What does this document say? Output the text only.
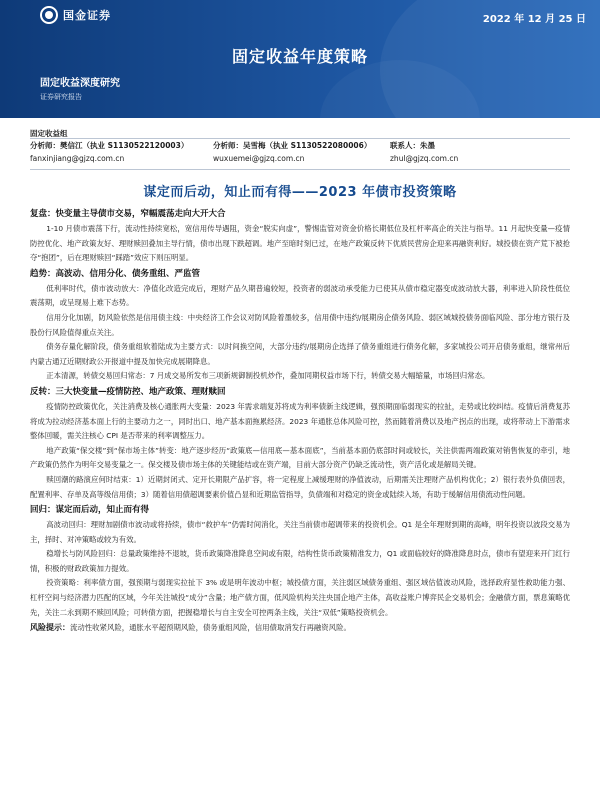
国金证券	2022 年 12 月 25 日
固定收益年度策略
固定收益深度研究
证券研究报告
固定收益组
分析师：樊信江（执业 S1130522120003）	分析师：吴雪梅（执业 S1130522080006） 联系人：朱墨
fanxinjiang@gjzq.com.cn	wuxuemei@gjzq.com.cn	zhul@gjzq.com.cn
谋定而后动，知止而有得——2023 年债市投资策略
复盘：快变量主导债市交易，窄幅震荡走向大开大合

1-10 月债市震荡下行，流动性持续宽松，宽信用传导遇阻，资金“脱实向虚”，警惕监管对资金价格长期低位及杠杆率高企的关注与指导。11 月起快变量—疫情防控优化、地产政策友好、理财赎回叠加主导行情，债市出现下跌超调。地产至暗时刻已过，在地产政策反转下优质民营房企迎来再融资利好。城投债在资产荒下被抢夺“抱团”，后在理财赎回“踩踏”效应下则压明显。

趋势：高波动、信用分化、债务重组、严监管

低利率时代，债市波动放大：净值化改造完成后，理财产品久期普遍较短，投资者的弱波动承受能力已使其从债市稳定器变成波动放大器，利率进入阶段性低位震荡期，或呈现易上难下态势。

信用分化加剧，防风险依然是信用债主线：中央经济工作会议对防风险着墨较多，信用债中违约/展期房企债务风险、弱区域城投债务面临风险、部分地方银行及股份行风险值得重点关注。

债务存量化解阶段，债务重组软着陆成为主要方式：以时间换空间，大部分违约/展期房企选择了债务重组进行债务化解，多家城投公司开启债务重组，继常州后内蒙古通辽近期财政公开报道中提及加快完成展期降息。

正本清源，转债交易回归常态：7 月成交易所发布三项新规御制投机炒作，叠加同期权益市场下行，转债交易大幅缩量，市场回归常态。

反转：三大快变量—疫情防控、地产政策、理财赎回

疫情防控政策优化，关注消费及核心通胀两大变量：2023 年需求端复苏将成为利率债新主线逻辑，强预期面临弱现实的拉扯，走势或比较纠结。疫情后消费复苏将成为拉动经济基本面上行的主要动力之一，同时出口、地产基本面拖累经济。2023 年通胀总体风险可控，然而随着消费以及地产拐点的出现，或将带动上下游需求整体回暖，需关注核心 CPI 是否带来的利率调整压力。

地产政策“保交楼”到“保市场主体”转变：地产逐步经历“政策底—信用底—基本面底”，当前基本面仍底部时间或较长，关注供需两端政策对销售恢复的牵引，地产政策仍然作为明年交易变量之一。保交楼及债市场主体的关键能结或在资产端，目前大部分资产仍缺乏流动性，资产活化或是解局关键。

赎回潮的路演应何时结束：1）近期封闭式、定开长期限产品扩容，将一定程度上减缓理财的净值波动，后期需关注理财产品机构优化；2）银行表外负债回表，配置利率、存单及高等级信用债；3）随着信用债超调要素价值凸显和近期监管指导，负债端和对稳定的资金或陆续入场，有助于缓解信用债流动性问题。

回归：谋定而后动，知止而有得

高波动回归：理财加剧债市波动或将持续，债市“救护车”仍需时间消化，关注当前债市超调带来的投资机会。Q1 是全年理财到期的高峰，明年投资以波段交易为主，择时、对冲策略或较为有效。

稳增长与防风险回归：总量政策维持不退坡，货币政策降准降息空间或有限，结构性货币政策精准发力，Q1 或面临较好的降准降息时点，债市有望迎来开门红行情，积极的财政政策加力提效。

投资策略：利率债方面，强预期与弱现实拉扯下 3% 或是明年波动中枢；城投债方面，关注弱区域债务重组、强区域估值波动风险，选择政府显性救助能力强、杠杆空间与经济潜力匹配的区域，今年关注城投“成分”含量；地产债方面，低风险机构关注央国企地产主体，高收益账户博弈民企交易机会；金融债方面，票息策略优先，关注二永到期不赎回风险；可转债方面，把握稳增长与自主安全可控两条主线，关注“双低”策略投资机会。

风险提示：流动性收紧风险，通胀水平超预期风险，债务重组风险，信用债取消发行再融资风险。
